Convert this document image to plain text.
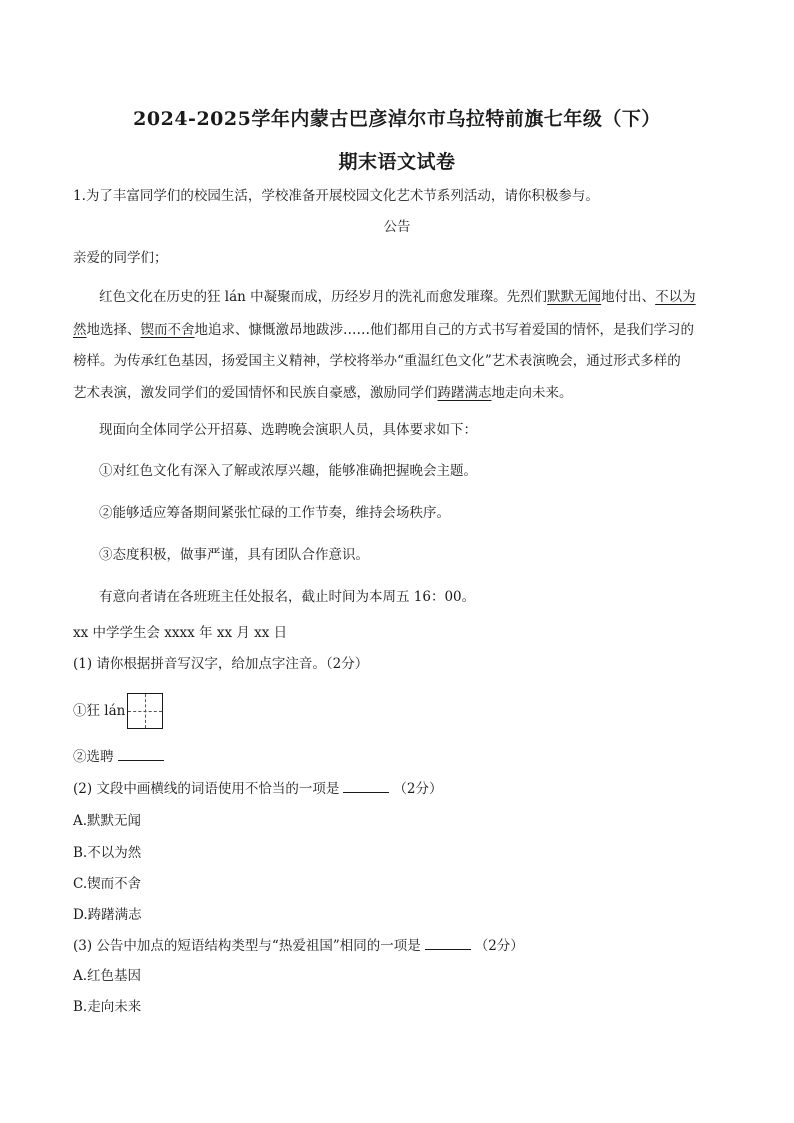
2024-2025学年内蒙古巴彦淖尔市乌拉特前旗七年级（下）
期末语文试卷
1.为了丰富同学们的校园生活，学校准备开展校园文化艺术节系列活动，请你积极参与。
公告
亲爱的同学们；
红色文化在历史的狂 lán 中凝聚而成，历经岁月的洗礼而愈发璀璨。先烈们默默无闻地付出、不以为
然地选择、锲而不舍地追求、慷慨激昂地跋涉……他们都用自己的方式书写着爱国的情怀，是我们学习的
榜样。为传承红色基因，扬爱国主义精神，学校将举办“重温红色文化”艺术表演晚会，通过形式多样的
艺术表演，激发同学们的爱国情怀和民族自豪感，激励同学们踌躇满志地走向未来。
现面向全体同学公开招募、选聘晚会演职人员，具体要求如下：
①对红色文化有深入了解或浓厚兴趣，能够准确把握晚会主题。
②能够适应筹备期间紧张忙碌的工作节奏，维持会场秩序。
③态度积极，做事严谨，具有团队合作意识。
有意向者请在各班班主任处报名，截止时间为本周五 16：00。
xx 中学学生会 xxxx 年 xx 月 xx 日
(1) 请你根据拼音写汉字，给加点字注音。（2分）
①狂 lán
②选聘
(2) 文段中画横线的词语使用不恰当的一项是	（2分）
A.默默无闻
B.不以为然
C.锲而不舍
D.踌躇满志
(3) 公告中加点的短语结构类型与“热爱祖国”相同的一项是	（2分）
A.红色基因
B.走向未来
